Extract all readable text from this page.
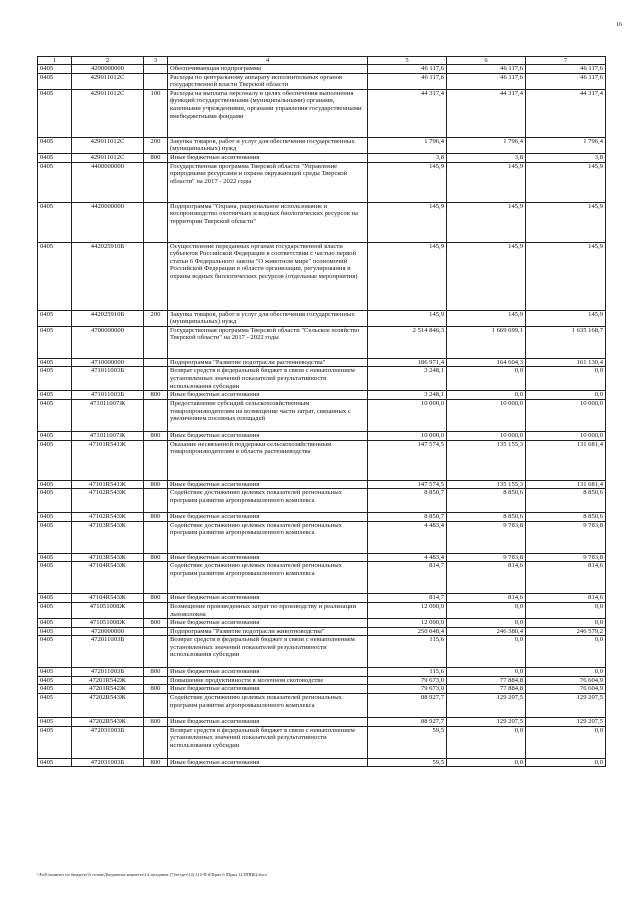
16
1	2	3	4	5	6	7
0405	4290000000		Обеспечивающая подпрограмма	46 117,6	46 117,6	46 117,6
0405	429011012С		Расходы по центральному аппарату исполнительных органов государственной власти Тверской области	46 117,6	46 117,6	46 117,6
0405	429011012С	100	Расходы на выплаты персоналу в целях обеспечения выполнения функций государственными (муниципальными) органами, казенными учреждениями, органами управления государственными внебюджетными фондами	44 317,4	44 317,4	44 317,4
0405	429011012С	200	Закупка товаров, работ и услуг для обеспечения государственных (муниципальных) нужд	1 796,4	1 796,4	1 796,4
0405	429011012С	800	Иные бюджетные ассигнования	3,8	3,8	3,8
0405	4400000000		Государственная программа Тверской области "Управление природными ресурсами и охрана окружающей среды Тверской области" на 2017 - 2022 годы	145,9	145,9	145,9
0405	4420000000		Подпрограмма "Охрана, рациональное использование и воспроизводство охотничьих и водных биологических ресурсов на территории Тверской области"	145,9	145,9	145,9
0405	442025910Б		Осуществление переданных органам государственной власти субъектов Российской Федерации в соответствии с частью первой статьи 6 Федерального закона "О животном мире" полномочий Российской Федерации в области организации, регулирования и охраны водных биологических ресурсов (отдельные мероприятия)	145,9	145,9	145,9
0405	442025910Б	200	Закупка товаров, работ и услуг для обеспечения государственных (муниципальных) нужд	145,9	145,9	145,9
0405	4700000000		Государственная программа Тверской области "Сельское хозяйство Тверской области" на 2017 - 2022 годы	2 514 846,3	1 669 699,1	1 635 168,7
0405	4710000000		Подпрограмма "Развитие подотрасли растениеводства"	186 971,4	164 604,3	161 130,4
0405	471011003Б		Возврат средств в федеральный бюджет в связи с невыполнением установленных значений показателей результативности использования субсидии	3 248,1	0,0	0,0
0405	471011003Б	800	Иные бюджетные ассигнования	3 248,1	0,0	0,0
0405	471011007Ж		Предоставление субсидий сельскохозяйственным товаропроизводителям на возмещение части затрат, связанных с увеличением посевных площадей	10 000,0	10 000,0	10 000,0
0405	471011007Ж	800	Иные бюджетные ассигнования	10 000,0	10 000,0	10 000,0
0405	47101R541Ж		Оказание несвязанной поддержки сельскохозяйственным товаропроизводителям в области растениеводства	147 574,5	135 155,3	131 681,4
0405	47101R541Ж	800	Иные бюджетные ассигнования	147 574,5	135 155,3	131 681,4
0405	47102R543Ж		Содействие достижению целевых показателей региональных программ развития агропромышленного комплекса	8 850,7	8 850,6	8 850,6
0405	47102R543Ж	800	Иные бюджетные ассигнования	8 850,7	8 850,6	8 850,6
0405	47103R543Ж		Содействие достижению целевых показателей региональных программ развития агропромышленного комплекса	4 483,4	9 783,8	9 783,8
0405	47103R543Ж	800	Иные бюджетные ассигнования	4 483,4	9 783,8	9 783,8
0405	47104R543Ж		Содействие достижению целевых показателей региональных программ развития агропромышленного комплекса	814,7	814,6	814,6
0405	47104R543Ж	800	Иные бюджетные ассигнования	814,7	814,6	814,6
0405	471051008Ж		Возмещение произведенных затрат по производству и реализации льноволокна	12 000,0	0,0	0,0
0405	471051008Ж	800	Иные бюджетные ассигнования	12 000,0	0,0	0,0
0405	4720000000		Подпрограмма "Развитие подотрасли животноводства"	250 048,4	246 380,4	246 579,2
0405	472011003Б		Возврат средств в федеральный бюджет в связи с невыполнением установленных значений показателей результативности использования субсидии	115,6	0,0	0,0
0405	472011003Б	800	Иные бюджетные ассигнования	115,6	0,0	0,0
0405	47201R542Ж		Повышение продуктивности в молочном скотоводстве	79 673,0	77 884,8	76 604,9
0405	47201R542Ж	800	Иные бюджетные ассигнования	79 673,0	77 884,8	76 604,9
0405	47202R543Ж		Содействие достижению целевых показателей региональных программ развития агропромышленного комплекса	88 927,7	129 207,5	129 207,5
0405	47202R543Ж	800	Иные бюджетные ассигнования	88 927,7	129 207,5	129 207,5
0405	472031003Б		Возврат средств в федеральный бюджет в связи с невыполнением установленных значений показателей результативности использования субсидии	59,5	0,0	0,0
0405	472031003Б	800	Иные бюджетные ассигнования	59,5	0,0	0,0
\\Fs01\комитет по бюджету\6 созыв\Документы комитета\14 заседание (7)\ет\дет\14) 312-П-6\Прил 6 (Прил 12 ППЦБ).docx
